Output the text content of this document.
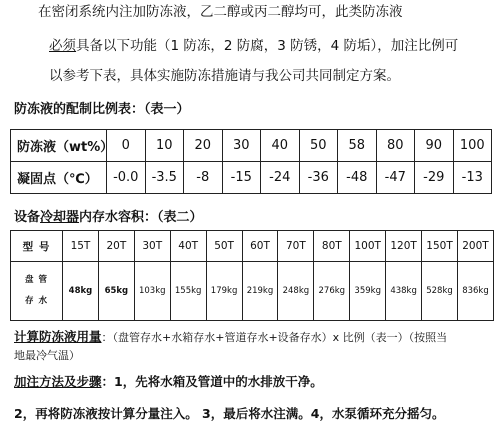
在密闭系统内注加防冻液，乙二醇或丙二醇均可，此类防冻液
必须具备以下功能（1 防冻，2 防腐，3 防锈，4 防垢），加注比例可
以参考下表，具体实施防冻措施请与我公司共同制定方案。
防冻液的配制比例表：（表一）
防冻液（wt%）	0	10	20	30	40	50	58	80	90	100
凝固点（℃）	-0.0	-3.5	-8	-15	-24	-36	-48	-47	-29	-13
设备冷却器内存水容积：（表二）
型 号	15T	20T	30T	40T	50T	60T	70T	80T	100T	120T	150T	200T

盘 管
存 水	48kg	65kg	103kg	155kg	179kg	219kg	248kg	276kg	359kg	438kg	528kg	836kg
计算防冻液用量：（盘管存水+水箱存水+管道存水+设备存水）x 比例（表一）（按照当
地最冷气温）
加注方法及步骤：1，先将水箱及管道中的水排放干净。
2，再将防冻液按计算分量注入。 3，最后将水注满。4，水泵循环充分摇匀。
